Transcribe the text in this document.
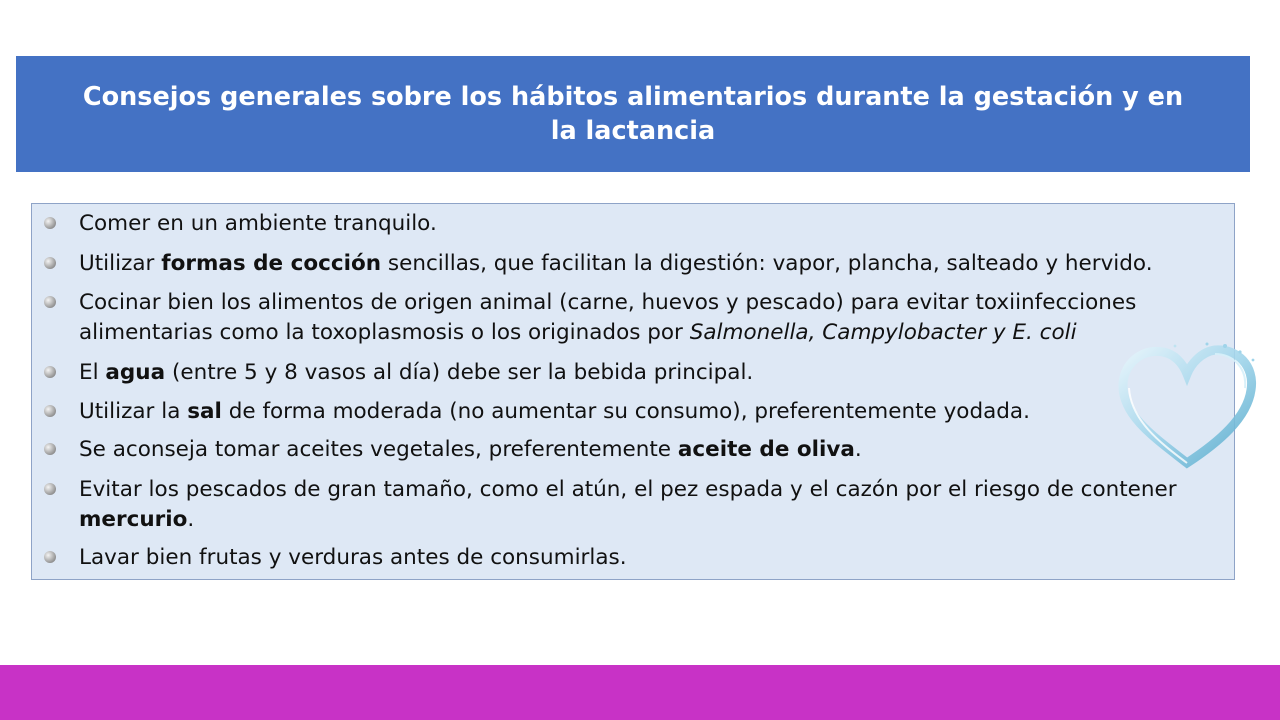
Consejos generales sobre los hábitos alimentarios durante la gestación y en la lactancia
Comer en un ambiente tranquilo.
Utilizar formas de cocción sencillas, que facilitan la digestión: vapor, plancha, salteado y hervido.
Cocinar bien los alimentos de origen animal (carne, huevos y pescado) para evitar toxiinfecciones
alimentarias como la toxoplasmosis o los originados por Salmonella, Campylobacter y E. coli
El agua (entre 5 y 8 vasos al día) debe ser la bebida principal.
Utilizar la sal de forma moderada (no aumentar su consumo), preferentemente yodada.
Se aconseja tomar aceites vegetales, preferentemente aceite de oliva.
Evitar los pescados de gran tamaño, como el atún, el pez espada y el cazón por el riesgo de contener
mercurio.
Lavar bien frutas y verduras antes de consumirlas.
